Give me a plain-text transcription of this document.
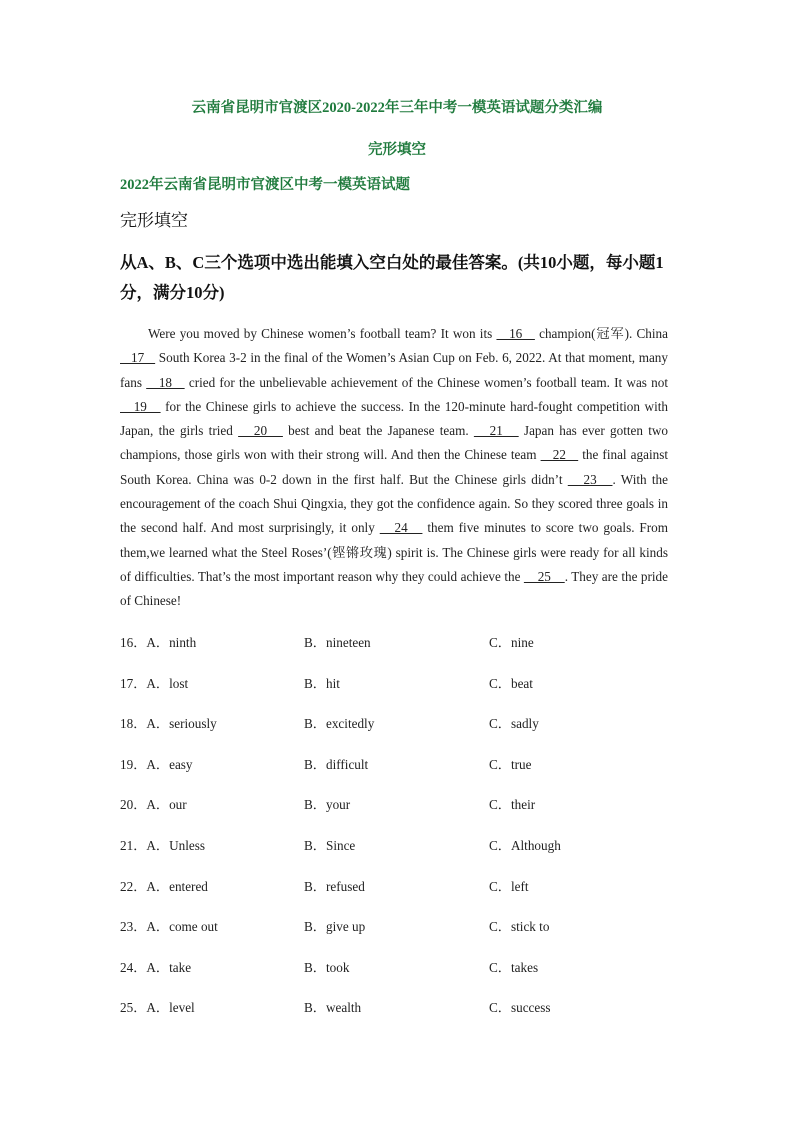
云南省昆明市官渡区2020-2022年三年中考一模英语试题分类汇编
完形填空
2022年云南省昆明市官渡区中考一模英语试题
完形填空
从A、B、C三个选项中选出能填入空白处的最佳答案。(共10小题，每小题1分，满分10分)

Were you moved by Chinese women’s football team? It won its    16    champion(冠军). China    17    South Korea 3-2 in the final of the Women’s Asian Cup on Feb. 6, 2022. At that moment, many fans    18    cried for the unbelievable achievement of the Chinese women’s football team. It was not    19    for the Chinese girls to achieve the success. In the 120-minute hard-fought competition with Japan, the girls tried    20    best and beat the Japanese team.    21    Japan has ever gotten two champions, those girls won with their strong will. And then the Chinese team    22    the final against South Korea. China was 0-2 down in the first half. But the Chinese girls didn’t    23   . With the encouragement of the coach Shui Qingxia, they got the confidence again. So they scored three goals in the second half. And most surprisingly, it only    24    them five minutes to score two goals. From them,we learned what the Steel Roses’(铿锵玫瑰) spirit is. The Chinese girls were ready for all kinds of difficulties. That’s the most important reason why they could achieve the     25    . They are the pride of Chinese!

16．A．ninth	B．nineteen	C．nine
17．A．lost	B．hit	C．beat
18．A．seriously	B．excitedly	C．sadly
19．A．easy	B．difficult	C．true
20．A．our	B．your	C．their
21．A．Unless	B．Since	C．Although
22．A．entered	B．refused	C．left
23．A．come out	B．give up	C．stick to
24．A．take	B．took	C．takes
25．A．level	B．wealth	C．success
